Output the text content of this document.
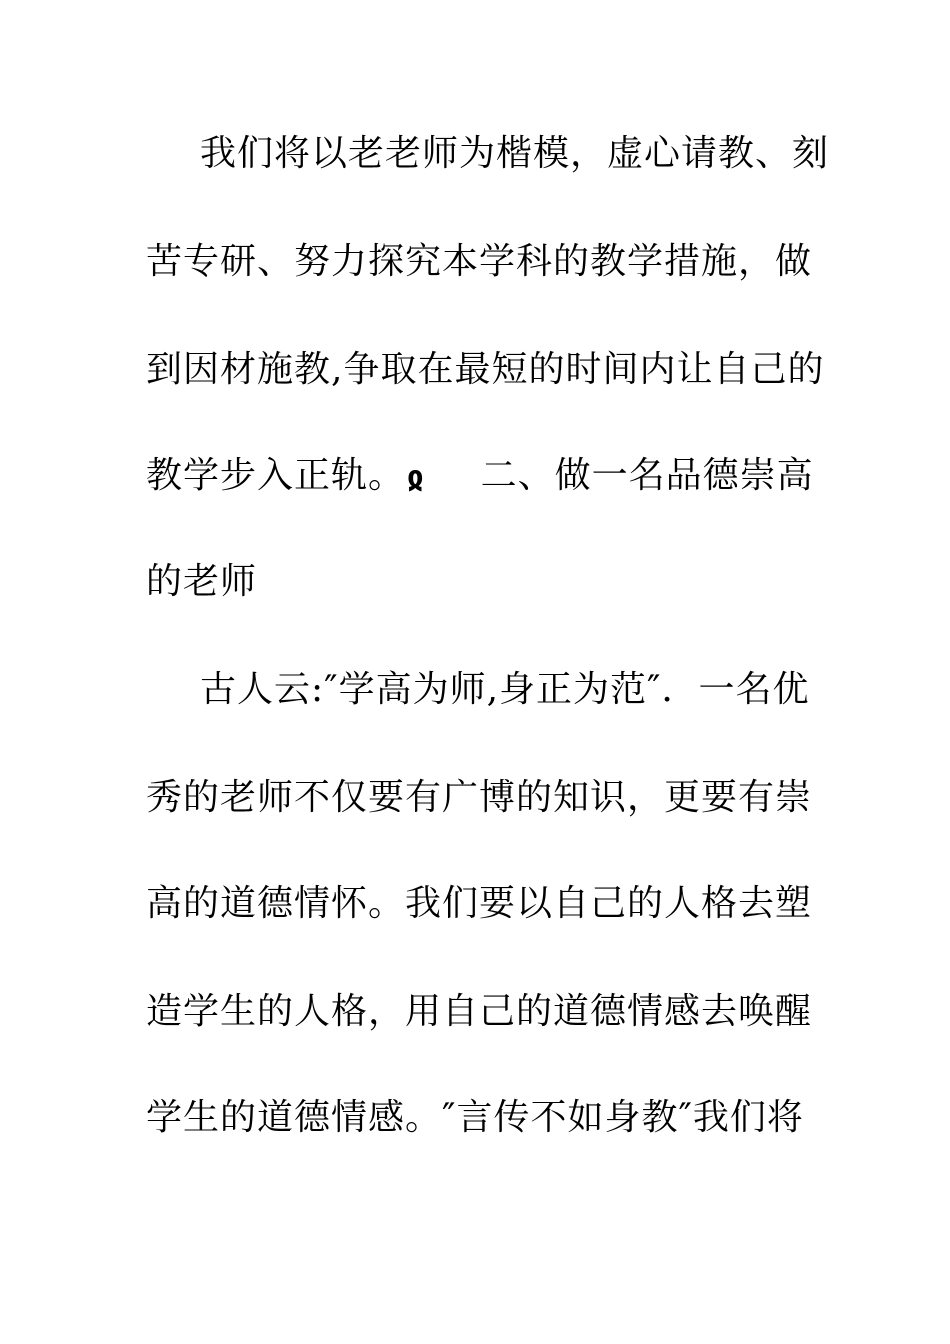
我们将以老老师为楷模，虚心请教、刻
苦专研、努力探究本学科的教学措施，做
到因材施教,争取在最短的时间内让自己的
教学步入正轨。ჲ 二、做一名品德崇高
的老师
古人云:″学高为师,身正为范″．一名优
秀的老师不仅要有广博的知识，更要有崇
高的道德情怀。我们要以自己的人格去塑
造学生的人格，用自己的道德情感去唤醒
学生的道德情感。″言传不如身教″我们将
